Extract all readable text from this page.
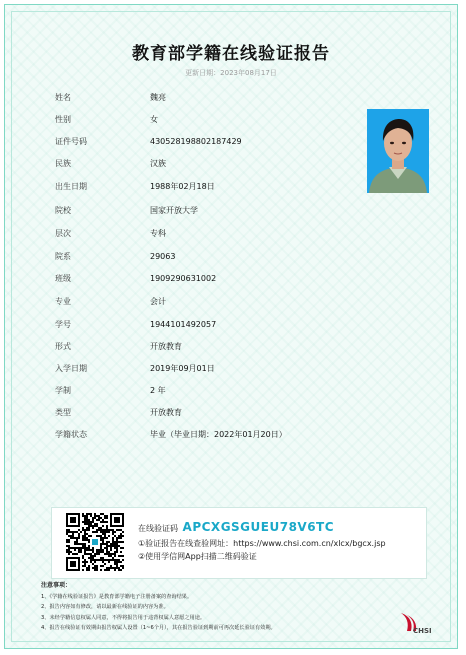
教育部学籍在线验证报告
更新日期：2023年08月17日
姓名	魏亮
性别	女
证件号码	430528198802187429
民族	汉族
出生日期	1988年02月18日
院校	国家开放大学
层次	专科
院系	29063
班级	1909290631002
专业	会计
学号	1944101492057
形式	开放教育
入学日期	2019年09月01日
学制	2 年
类型	开放教育
学籍状态	毕业（毕业日期：2022年01月20日）
在线验证码 APCXGSGUEU78V6TC
①验证报告在线查验网址：https://www.chsi.com.cn/xlcx/bgcx.jsp
②使用学信网App扫描二维码验证
注意事项：
1、《学籍在线验证报告》是教育部学籍电子注册备案的查询结果。
2、报告内容如有修改，请以最新在线验证的内容为准。
3、未经学籍信息权属人同意，不得将报告用于违背权属人意愿之用途。
4、报告在线验证有效期由报告权属人设置（1~6个月），其在报告验证到期前可再次延长验证有效期。	CHSI
